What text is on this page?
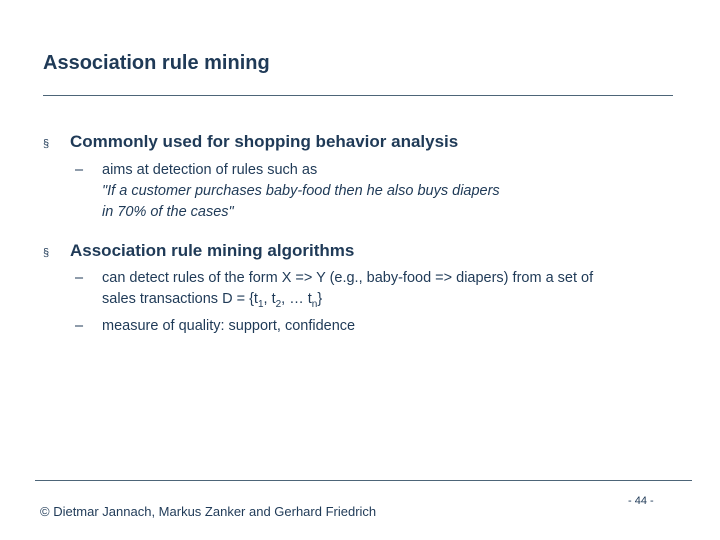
Association rule mining
§	Commonly used for shopping behavior analysis
– aims at detection of rules such as
"If a customer purchases baby-food then he also buys diapers
in 70% of the cases"
§	Association rule mining algorithms
– can detect rules of the form X => Y (e.g., baby-food => diapers) from a set of
sales transactions $D = \{t_1$, $t_2$, … $t_n$}
– measure of quality: support, confidence
© Dietmar Jannach, Markus Zanker and Gerhard Friedrich
- 44 -
